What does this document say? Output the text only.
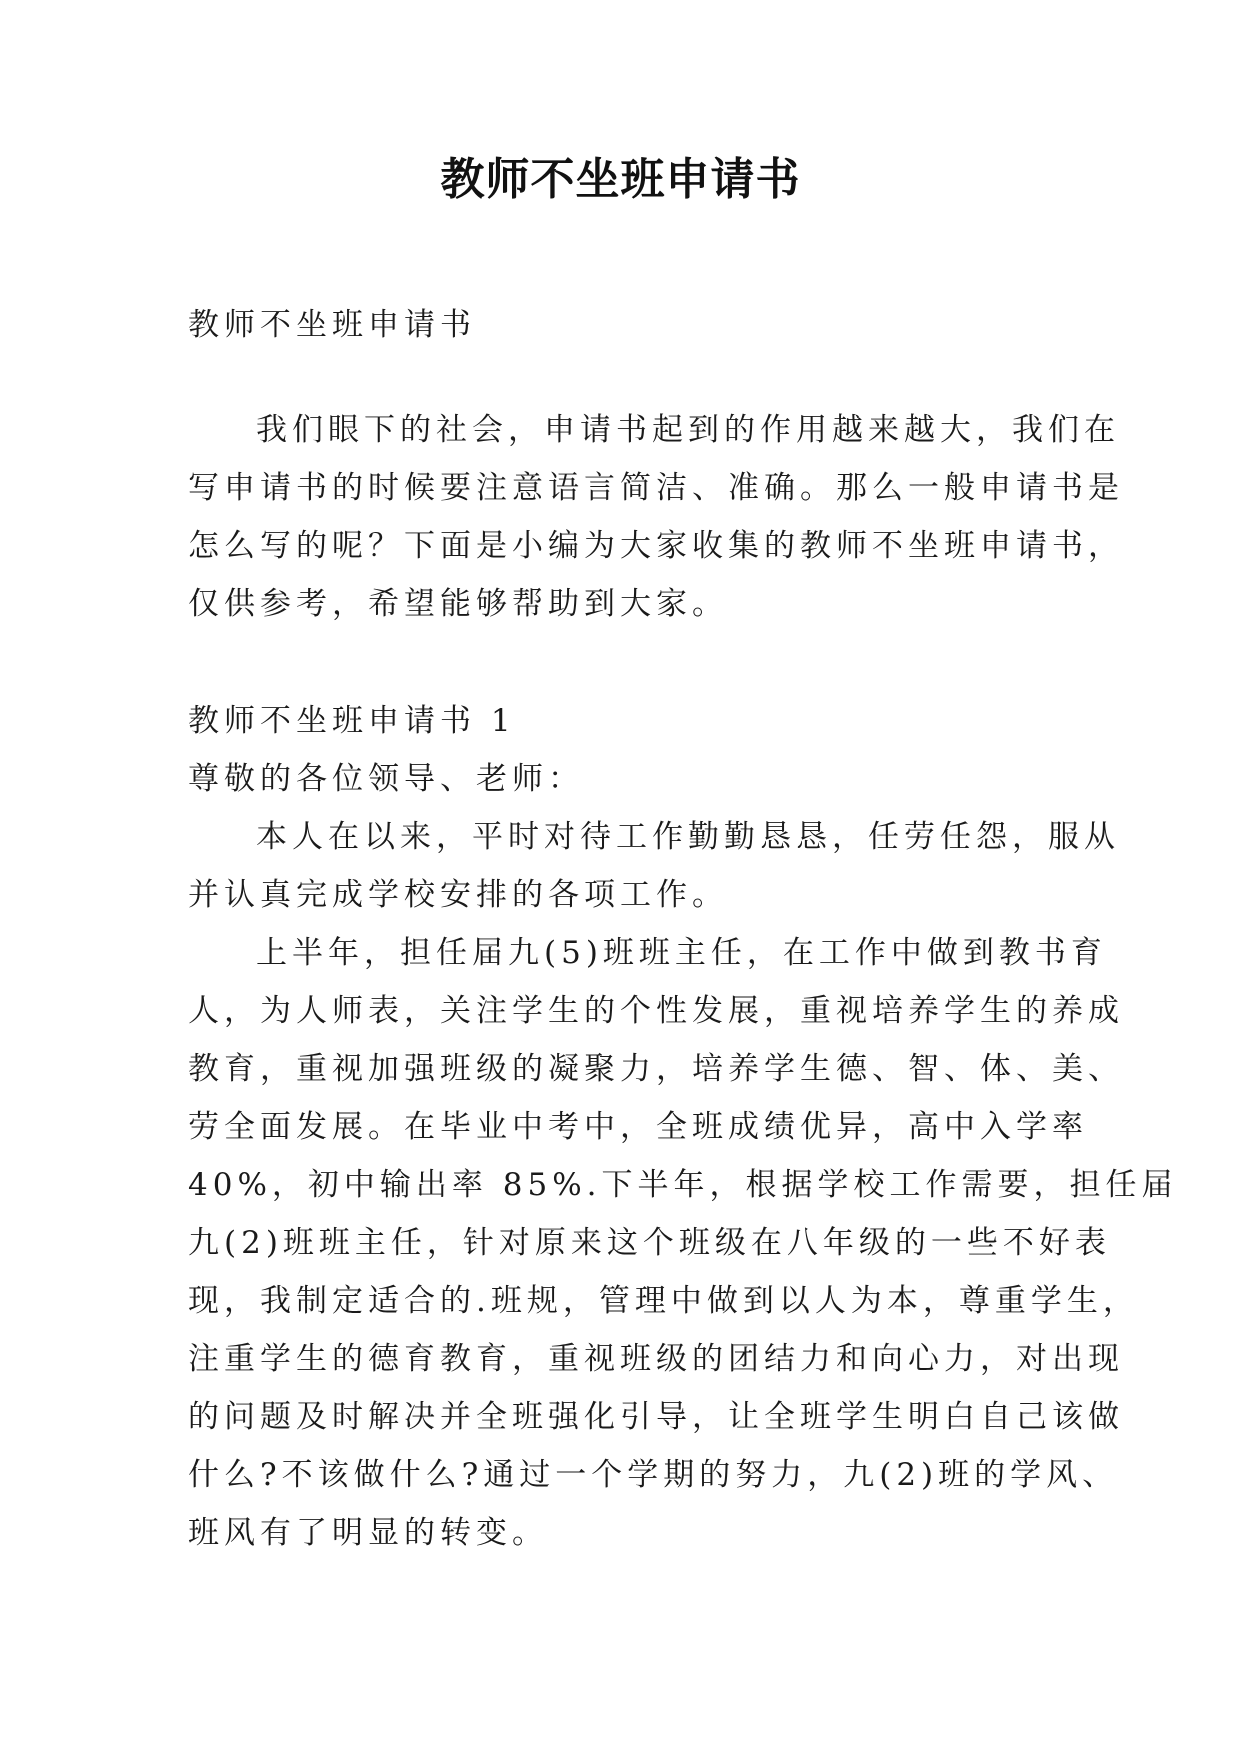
教师不坐班申请书
教师不坐班申请书
我们眼下的社会，申请书起到的作用越来越大，我们在
写申请书的时候要注意语言简洁、准确。那么一般申请书是
怎么写的呢？下面是小编为大家收集的教师不坐班申请书，
仅供参考，希望能够帮助到大家。
教师不坐班申请书 1
尊敬的各位领导、老师：
本人在以来，平时对待工作勤勤恳恳，任劳任怨，服从
并认真完成学校安排的各项工作。
上半年，担任届九(5)班班主任，在工作中做到教书育
人，为人师表，关注学生的个性发展，重视培养学生的养成
教育，重视加强班级的凝聚力，培养学生德、智、体、美、
劳全面发展。在毕业中考中，全班成绩优异，高中入学率
40%，初中输出率 85%.下半年，根据学校工作需要，担任届
九(2)班班主任，针对原来这个班级在八年级的一些不好表
现，我制定适合的.班规，管理中做到以人为本，尊重学生，
注重学生的德育教育，重视班级的团结力和向心力，对出现
的问题及时解决并全班强化引导，让全班学生明白自己该做
什么?不该做什么?通过一个学期的努力，九(2)班的学风、
班风有了明显的转变。
